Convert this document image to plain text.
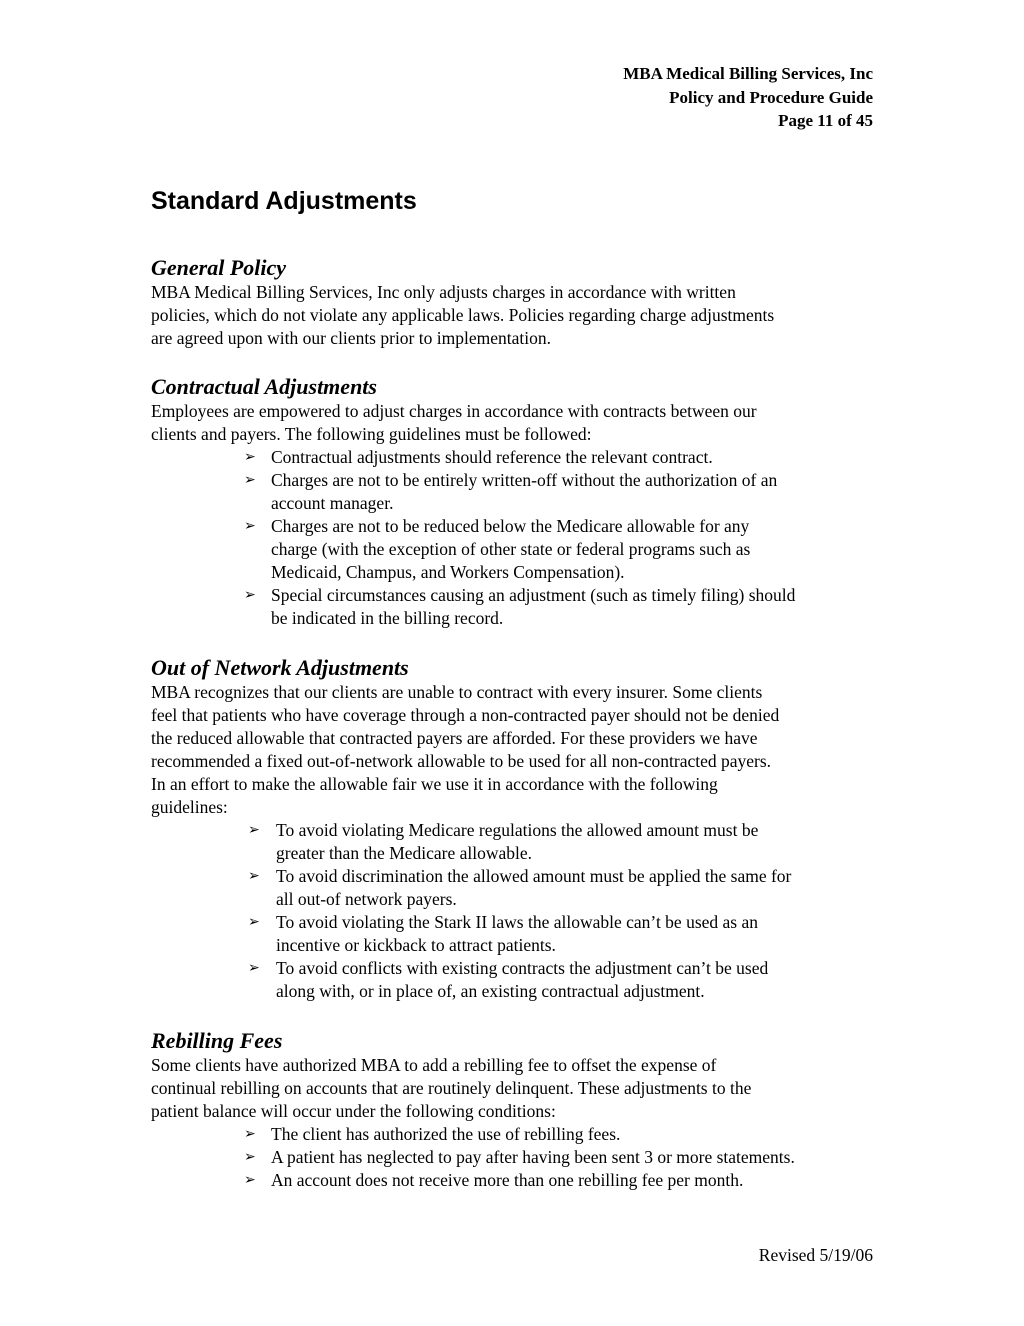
MBA Medical Billing Services, Inc
Policy and Procedure Guide
Page 11 of 45
Standard Adjustments
General Policy

MBA Medical Billing Services, Inc only adjusts charges in accordance with written
policies, which do not violate any applicable laws. Policies regarding charge adjustments
are agreed upon with our clients prior to implementation.

Contractual Adjustments

Employees are empowered to adjust charges in accordance with contracts between our
clients and payers. The following guidelines must be followed:

➢ Contractual adjustments should reference the relevant contract.
➢ Charges are not to be entirely written-off without the authorization of an
account manager.
➢ Charges are not to be reduced below the Medicare allowable for any
charge (with the exception of other state or federal programs such as
Medicaid, Champus, and Workers Compensation).
➢ Special circumstances causing an adjustment (such as timely filing) should
be indicated in the billing record.
Out of Network Adjustments

MBA recognizes that our clients are unable to contract with every insurer. Some clients
feel that patients who have coverage through a non-contracted payer should not be denied
the reduced allowable that contracted payers are afforded. For these providers we have
recommended a fixed out-of-network allowable to be used for all non-contracted payers.
In an effort to make the allowable fair we use it in accordance with the following
guidelines:

➢ To avoid violating Medicare regulations the allowed amount must be
greater than the Medicare allowable.
➢ To avoid discrimination the allowed amount must be applied the same for
all out-of network payers.
➢ To avoid violating the Stark II laws the allowable can’t be used as an
incentive or kickback to attract patients.
➢ To avoid conflicts with existing contracts the adjustment can’t be used
along with, or in place of, an existing contractual adjustment.
Rebilling Fees

Some clients have authorized MBA to add a rebilling fee to offset the expense of
continual rebilling on accounts that are routinely delinquent. These adjustments to the
patient balance will occur under the following conditions:

➢ The client has authorized the use of rebilling fees.
➢ A patient has neglected to pay after having been sent 3 or more statements.
➢ An account does not receive more than one rebilling fee per month.
Revised 5/19/06
